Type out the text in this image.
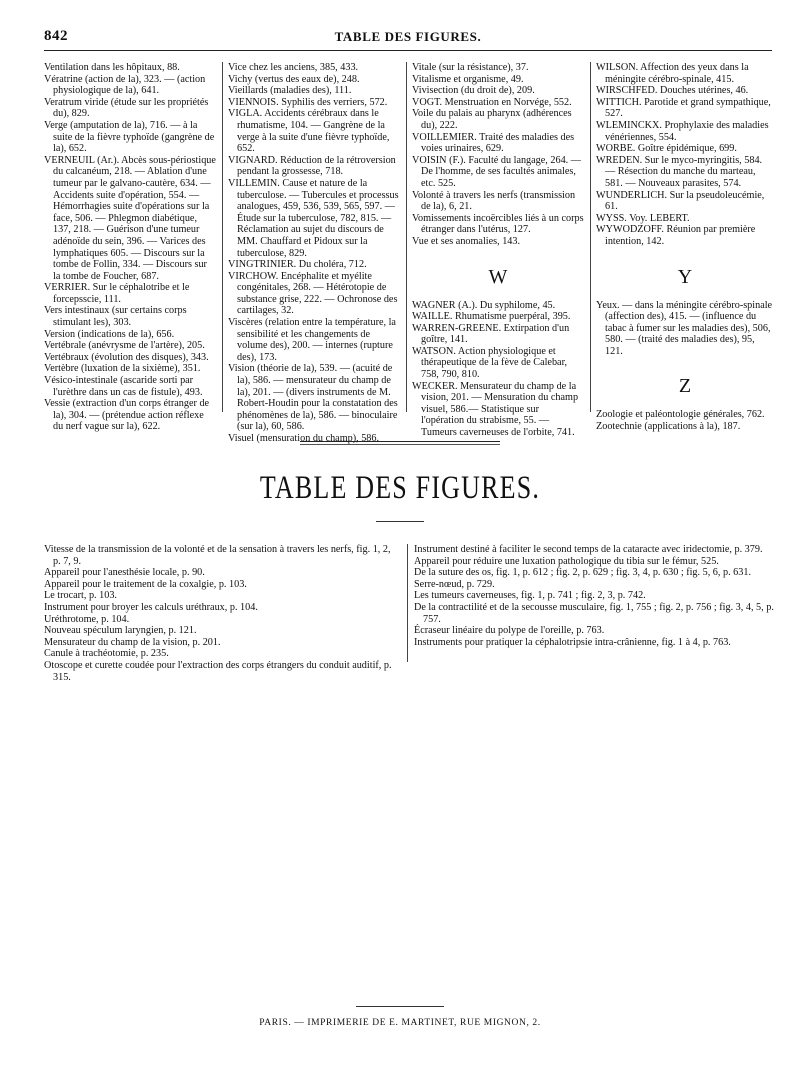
842	TABLE DES FIGURES.

Ventilation dans les hôpitaux, 88.

Vératrine (action de la), 323. — (action physiologique de la), 641.

Veratrum viride (étude sur les propriétés du), 829.

Verge (amputation de la), 716. — à la suite de la fièvre typhoïde (gangrène de la), 652.

VERNEUIL (Ar.). Abcès sous-périostique du calcanéum, 218. — Ablation d'une tumeur par le galvano-cautère, 634. — Accidents suite d'opération, 554. — Hémorrhagies suite d'opérations sur la face, 506. — Phlegmon diabétique, 137, 218. — Guérison d'une tumeur adénoïde du sein, 396. — Varices des lymphatiques 605. — Discours sur la tombe de Follin, 334. — Discours sur la tombe de Foucher, 687.

VERRIER. Sur le céphalotribe et le forcepsscie, 111.

Vers intestinaux (sur certains corps stimulant les), 303.

Version (indications de la), 656.

Vertébrale (anévrysme de l'artère), 205.

Vertébraux (évolution des disques), 343.

Vertèbre (luxation de la sixième), 351.

Vésico-intestinale (ascaride sorti par l'urèthre dans un cas de fistule), 493.

Vessie (extraction d'un corps étranger de la), 304. — (prétendue action réflexe du nerf vague sur la), 622.

Vice chez les anciens, 385, 433.

Vichy (vertus des eaux de), 248.

Vieillards (maladies des), 111.

VIENNOIS. Syphilis des verriers, 572.

VIGLA. Accidents cérébraux dans le rhumatisme, 104. — Gangrène de la verge à la suite d'une fièvre typhoïde, 652.

VIGNARD. Réduction de la rétroversion pendant la grossesse, 718.

VILLEMIN. Cause et nature de la tuberculose. — Tubercules et processus analogues, 459, 536, 539, 565, 597. — Étude sur la tuberculose, 782, 815. — Réclamation au sujet du discours de MM. Chauffard et Pidoux sur la tuberculose, 829.

VINGTRINIER. Du choléra, 712.

VIRCHOW. Encéphalite et myélite congénitales, 268. — Hétérotopie de substance grise, 222. — Ochronose des cartilages, 32.

Viscères (relation entre la température, la sensibilité et les changements de volume des), 200. — internes (rupture des), 173.

Vision (théorie de la), 539. — (acuité de la), 586. — mensurateur du champ de la), 201. — (divers instruments de M. Robert-Houdin pour la constatation des phénomènes de la), 586. — binoculaire (sur la), 60, 586.

Visuel (mensuration du champ), 586.

Vitale (sur la résistance), 37.

Vitalisme et organisme, 49.

Vivisection (du droit de), 209.

VOGT. Menstruation en Norvége, 552.

Voile du palais au pharynx (adhérences du), 222.

VOILLEMIER. Traité des maladies des voies urinaires, 629.

VOISIN (F.). Faculté du langage, 264. — De l'homme, de ses facultés animales, etc. 525.

Volonté à travers les nerfs (transmission de la), 6, 21.

Vomissements incoërcibles liés à un corps étranger dans l'utérus, 127.

Vue et ses anomalies, 143.

W

WAGNER (A.). Du syphilome, 45.

WAILLE. Rhumatisme puerpéral, 395.

WARREN-GREENE. Extirpation d'un goître, 141.

WATSON. Action physiologique et thérapeutique de la fève de Calebar, 758, 790, 810.

WECKER. Mensurateur du champ de la vision, 201. — Mensuration du champ visuel, 586.— Statistique sur l'opération du strabisme, 55. — Tumeurs caverneuses de l'orbite, 741.

WILSON. Affection des yeux dans la méningite cérébro-spinale, 415.

WIRSCHFED. Douches utérines, 46.

WITTICH. Parotide et grand sympathique, 527.

WLEMINCKX. Prophylaxie des maladies vénériennes, 554.

WORBE. Goître épidémique, 699.

WREDEN. Sur le myco-myringitis, 584. — Résection du manche du marteau, 581. — Nouveaux parasites, 574.

WUNDERLICH. Sur la pseudoleucémie, 61.

WYSS. Voy. LEBERT.

WYWODZOFF. Réunion par première intention, 142.

Y

Yeux. — dans la méningite cérébro-spinale (affection des), 415. — (influence du tabac à fumer sur les maladies des), 506, 580. — (traité des maladies des), 95, 121.

Z

Zoologie et paléontologie générales, 762.

Zootechnie (applications à la), 187.

TABLE DES FIGURES.

Vitesse de la transmission de la volonté et de la sensation à travers les nerfs, fig. 1, 2, p. 7, 9.

Appareil pour l'anesthésie locale, p. 90.

Appareil pour le traitement de la coxalgie, p. 103.

Le trocart, p. 103.

Instrument pour broyer les calculs uréthraux, p. 104.

Uréthrotome, p. 104.

Nouveau spéculum laryngien, p. 121.

Mensurateur du champ de la vision, p. 201.

Canule à trachéotomie, p. 235.

Otoscope et curette coudée pour l'extraction des corps étrangers du conduit auditif, p. 315.

Instrument destiné à faciliter le second temps de la cataracte avec iridectomie, p. 379.

Appareil pour réduire une luxation pathologique du tibia sur le fémur, 525.

De la suture des os, fig. 1, p. 612 ; fig. 2, p. 629 ; fig. 3, 4, p. 630 ; fig. 5, 6, p. 631.

Serre-nœud, p. 729.

Les tumeurs caverneuses, fig. 1, p. 741 ; fig. 2, 3, p. 742.

De la contractilité et de la secousse musculaire, fig. 1, 755 ; fig. 2, p. 756 ; fig. 3, 4, 5, p. 757.

Écraseur linéaire du polype de l'oreille, p. 763.

Instruments pour pratiquer la céphalotripsie intra-crânienne, fig. 1 à 4, p. 763.

PARIS. — IMPRIMERIE DE E. MARTINET, RUE MIGNON, 2.
